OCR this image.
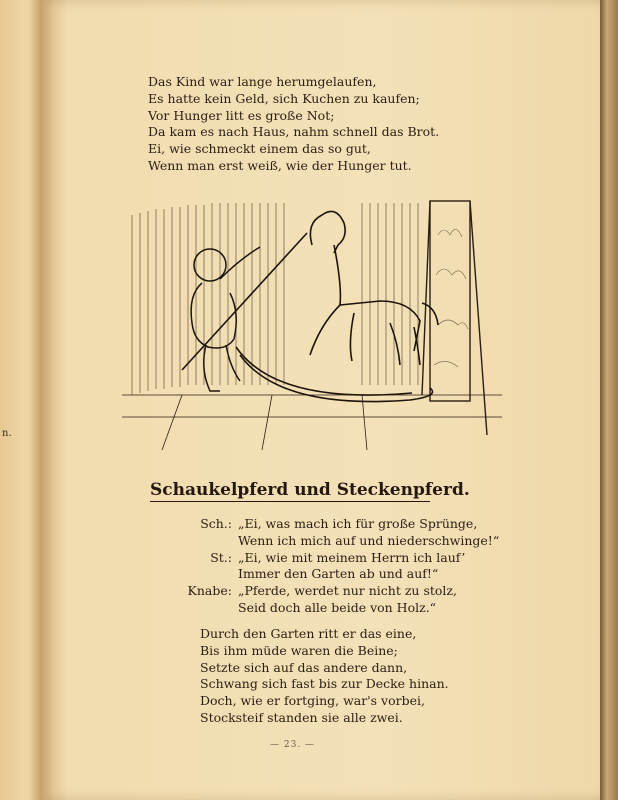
n.
Das Kind war lange herumgelaufen,
Es hatte kein Geld, sich Kuchen zu kaufen;
Vor Hunger litt es große Not;
Da kam es nach Haus, nahm schnell das Brot.
Ei, wie schmeckt einem das so gut,
Wenn man erst weiß, wie der Hunger tut.
Schaukelpferd und Steckenpferd.
Sch.: „Ei, was mach ich für große Sprünge,
Wenn ich mich auf und niederschwinge!“
St.: „Ei, wie mit meinem Herrn ich lauf’
Immer den Garten ab und auf!“
Knabe: „Pferde, werdet nur nicht zu stolz,
Seid doch alle beide von Holz.“
Durch den Garten ritt er das eine,
Bis ihm müde waren die Beine;
Setzte sich auf das andere dann,
Schwang sich fast bis zur Decke hinan.
Doch, wie er fortging, war's vorbei,
Stocksteif standen sie alle zwei.
— 23. —
